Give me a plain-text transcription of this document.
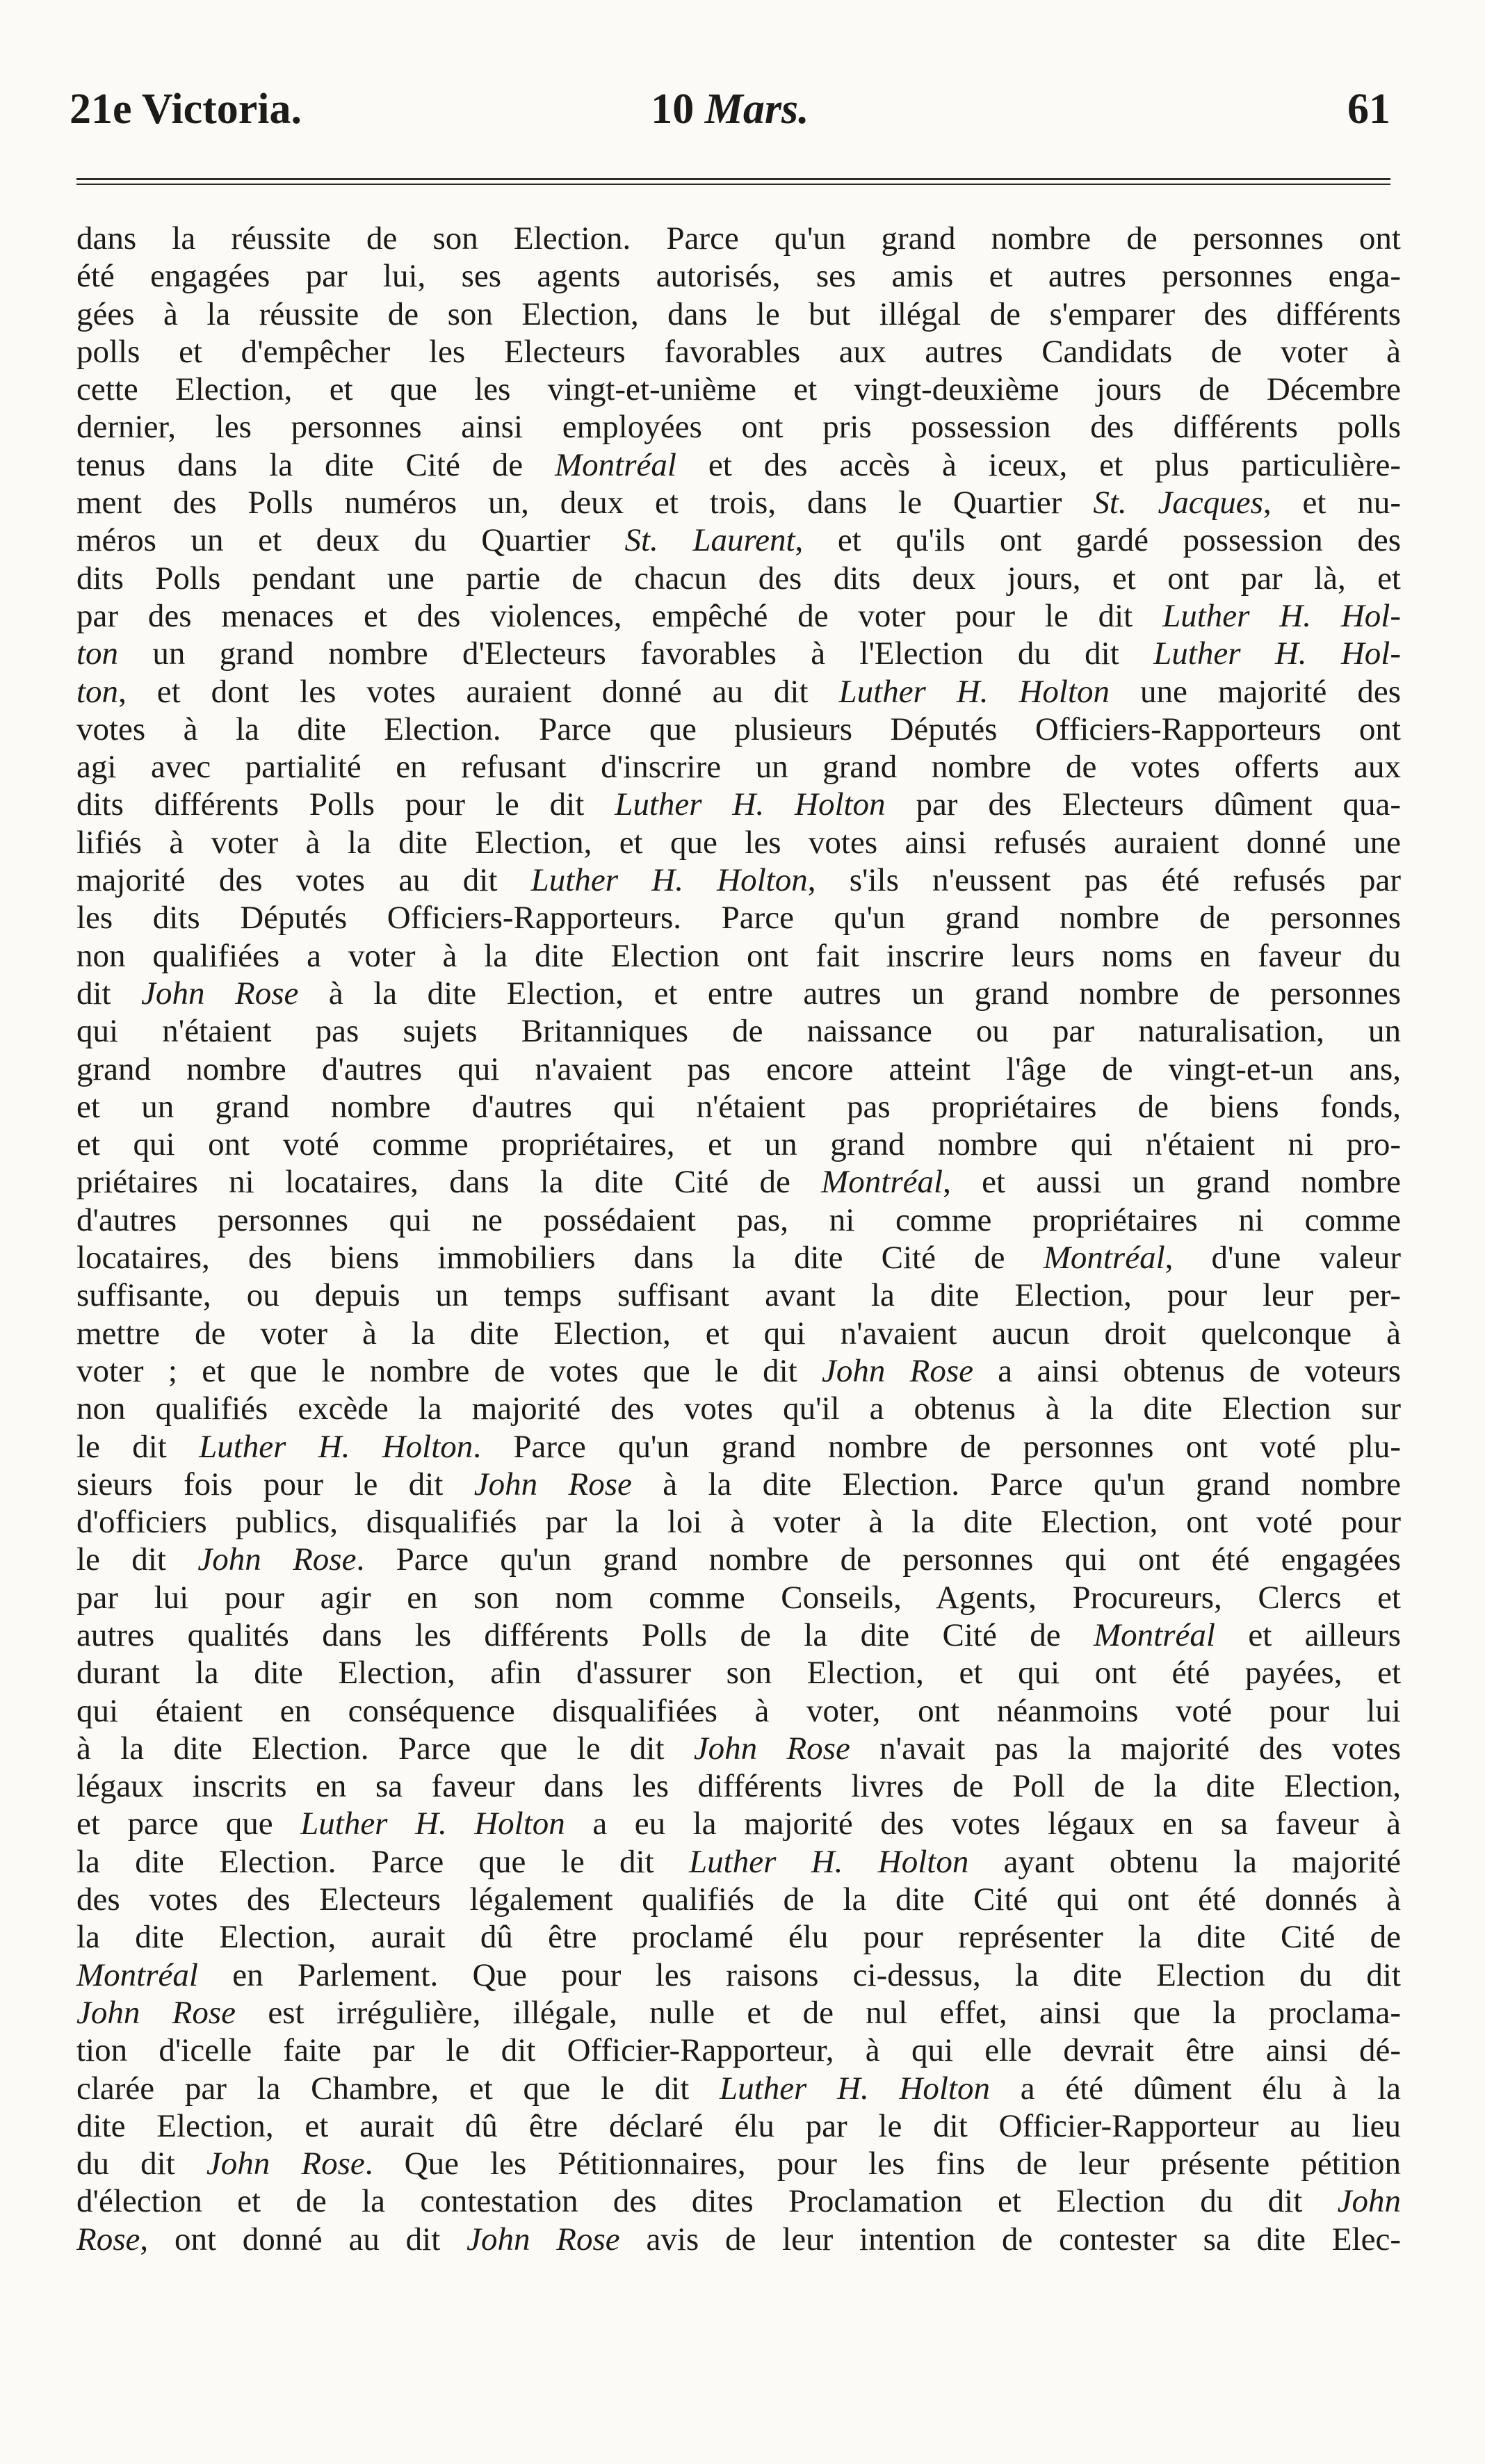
21e Victoria.	10 Mars.	61
dans la réussite de son Election. Parce qu'un grand nombre de personnes ont
été engagées par lui, ses agents autorisés, ses amis et autres personnes enga-
gées à la réussite de son Election, dans le but illégal de s'emparer des différents
polls et d'empêcher les Electeurs favorables aux autres Candidats de voter à
cette Election, et que les vingt-et-unième et vingt-deuxième jours de Décembre
dernier, les personnes ainsi employées ont pris possession des différents polls
tenus dans la dite Cité de Montréal et des accès à iceux, et plus particulière-
ment des Polls numéros un, deux et trois, dans le Quartier St. Jacques, et nu-
méros un et deux du Quartier St. Laurent, et qu'ils ont gardé possession des
dits Polls pendant une partie de chacun des dits deux jours, et ont par là, et
par des menaces et des violences, empêché de voter pour le dit Luther H. Hol-
ton un grand nombre d'Electeurs favorables à l'Election du dit Luther H. Hol-
ton, et dont les votes auraient donné au dit Luther H. Holton une majorité des
votes à la dite Election. Parce que plusieurs Députés Officiers-Rapporteurs ont
agi avec partialité en refusant d'inscrire un grand nombre de votes offerts aux
dits différents Polls pour le dit Luther H. Holton par des Electeurs dûment qua-
lifiés à voter à la dite Election, et que les votes ainsi refusés auraient donné une
majorité des votes au dit Luther H. Holton, s'ils n'eussent pas été refusés par
les dits Députés Officiers-Rapporteurs. Parce qu'un grand nombre de personnes
non qualifiées a voter à la dite Election ont fait inscrire leurs noms en faveur du
dit John Rose à la dite Election, et entre autres un grand nombre de personnes
qui n'étaient pas sujets Britanniques de naissance ou par naturalisation, un
grand nombre d'autres qui n'avaient pas encore atteint l'âge de vingt-et-un ans,
et un grand nombre d'autres qui n'étaient pas propriétaires de biens fonds,
et qui ont voté comme propriétaires, et un grand nombre qui n'étaient ni pro-
priétaires ni locataires, dans la dite Cité de Montréal, et aussi un grand nombre
d'autres personnes qui ne possédaient pas, ni comme propriétaires ni comme
locataires, des biens immobiliers dans la dite Cité de Montréal, d'une valeur
suffisante, ou depuis un temps suffisant avant la dite Election, pour leur per-
mettre de voter à la dite Election, et qui n'avaient aucun droit quelconque à
voter ; et que le nombre de votes que le dit John Rose a ainsi obtenus de voteurs
non qualifiés excède la majorité des votes qu'il a obtenus à la dite Election sur
le dit Luther H. Holton. Parce qu'un grand nombre de personnes ont voté plu-
sieurs fois pour le dit John Rose à la dite Election. Parce qu'un grand nombre
d'officiers publics, disqualifiés par la loi à voter à la dite Election, ont voté pour
le dit John Rose. Parce qu'un grand nombre de personnes qui ont été engagées
par lui pour agir en son nom comme Conseils, Agents, Procureurs, Clercs et
autres qualités dans les différents Polls de la dite Cité de Montréal et ailleurs
durant la dite Election, afin d'assurer son Election, et qui ont été payées, et
qui étaient en conséquence disqualifiées à voter, ont néanmoins voté pour lui
à la dite Election. Parce que le dit John Rose n'avait pas la majorité des votes
légaux inscrits en sa faveur dans les différents livres de Poll de la dite Election,
et parce que Luther H. Holton a eu la majorité des votes légaux en sa faveur à
la dite Election. Parce que le dit Luther H. Holton ayant obtenu la majorité
des votes des Electeurs légalement qualifiés de la dite Cité qui ont été donnés à
la dite Election, aurait dû être proclamé élu pour représenter la dite Cité de
Montréal en Parlement. Que pour les raisons ci-dessus, la dite Election du dit
John Rose est irrégulière, illégale, nulle et de nul effet, ainsi que la proclama-
tion d'icelle faite par le dit Officier-Rapporteur, à qui elle devrait être ainsi dé-
clarée par la Chambre, et que le dit Luther H. Holton a été dûment élu à la
dite Election, et aurait dû être déclaré élu par le dit Officier-Rapporteur au lieu
du dit John Rose. Que les Pétitionnaires, pour les fins de leur présente pétition
d'élection et de la contestation des dites Proclamation et Election du dit John
Rose, ont donné au dit John Rose avis de leur intention de contester sa dite Elec-
